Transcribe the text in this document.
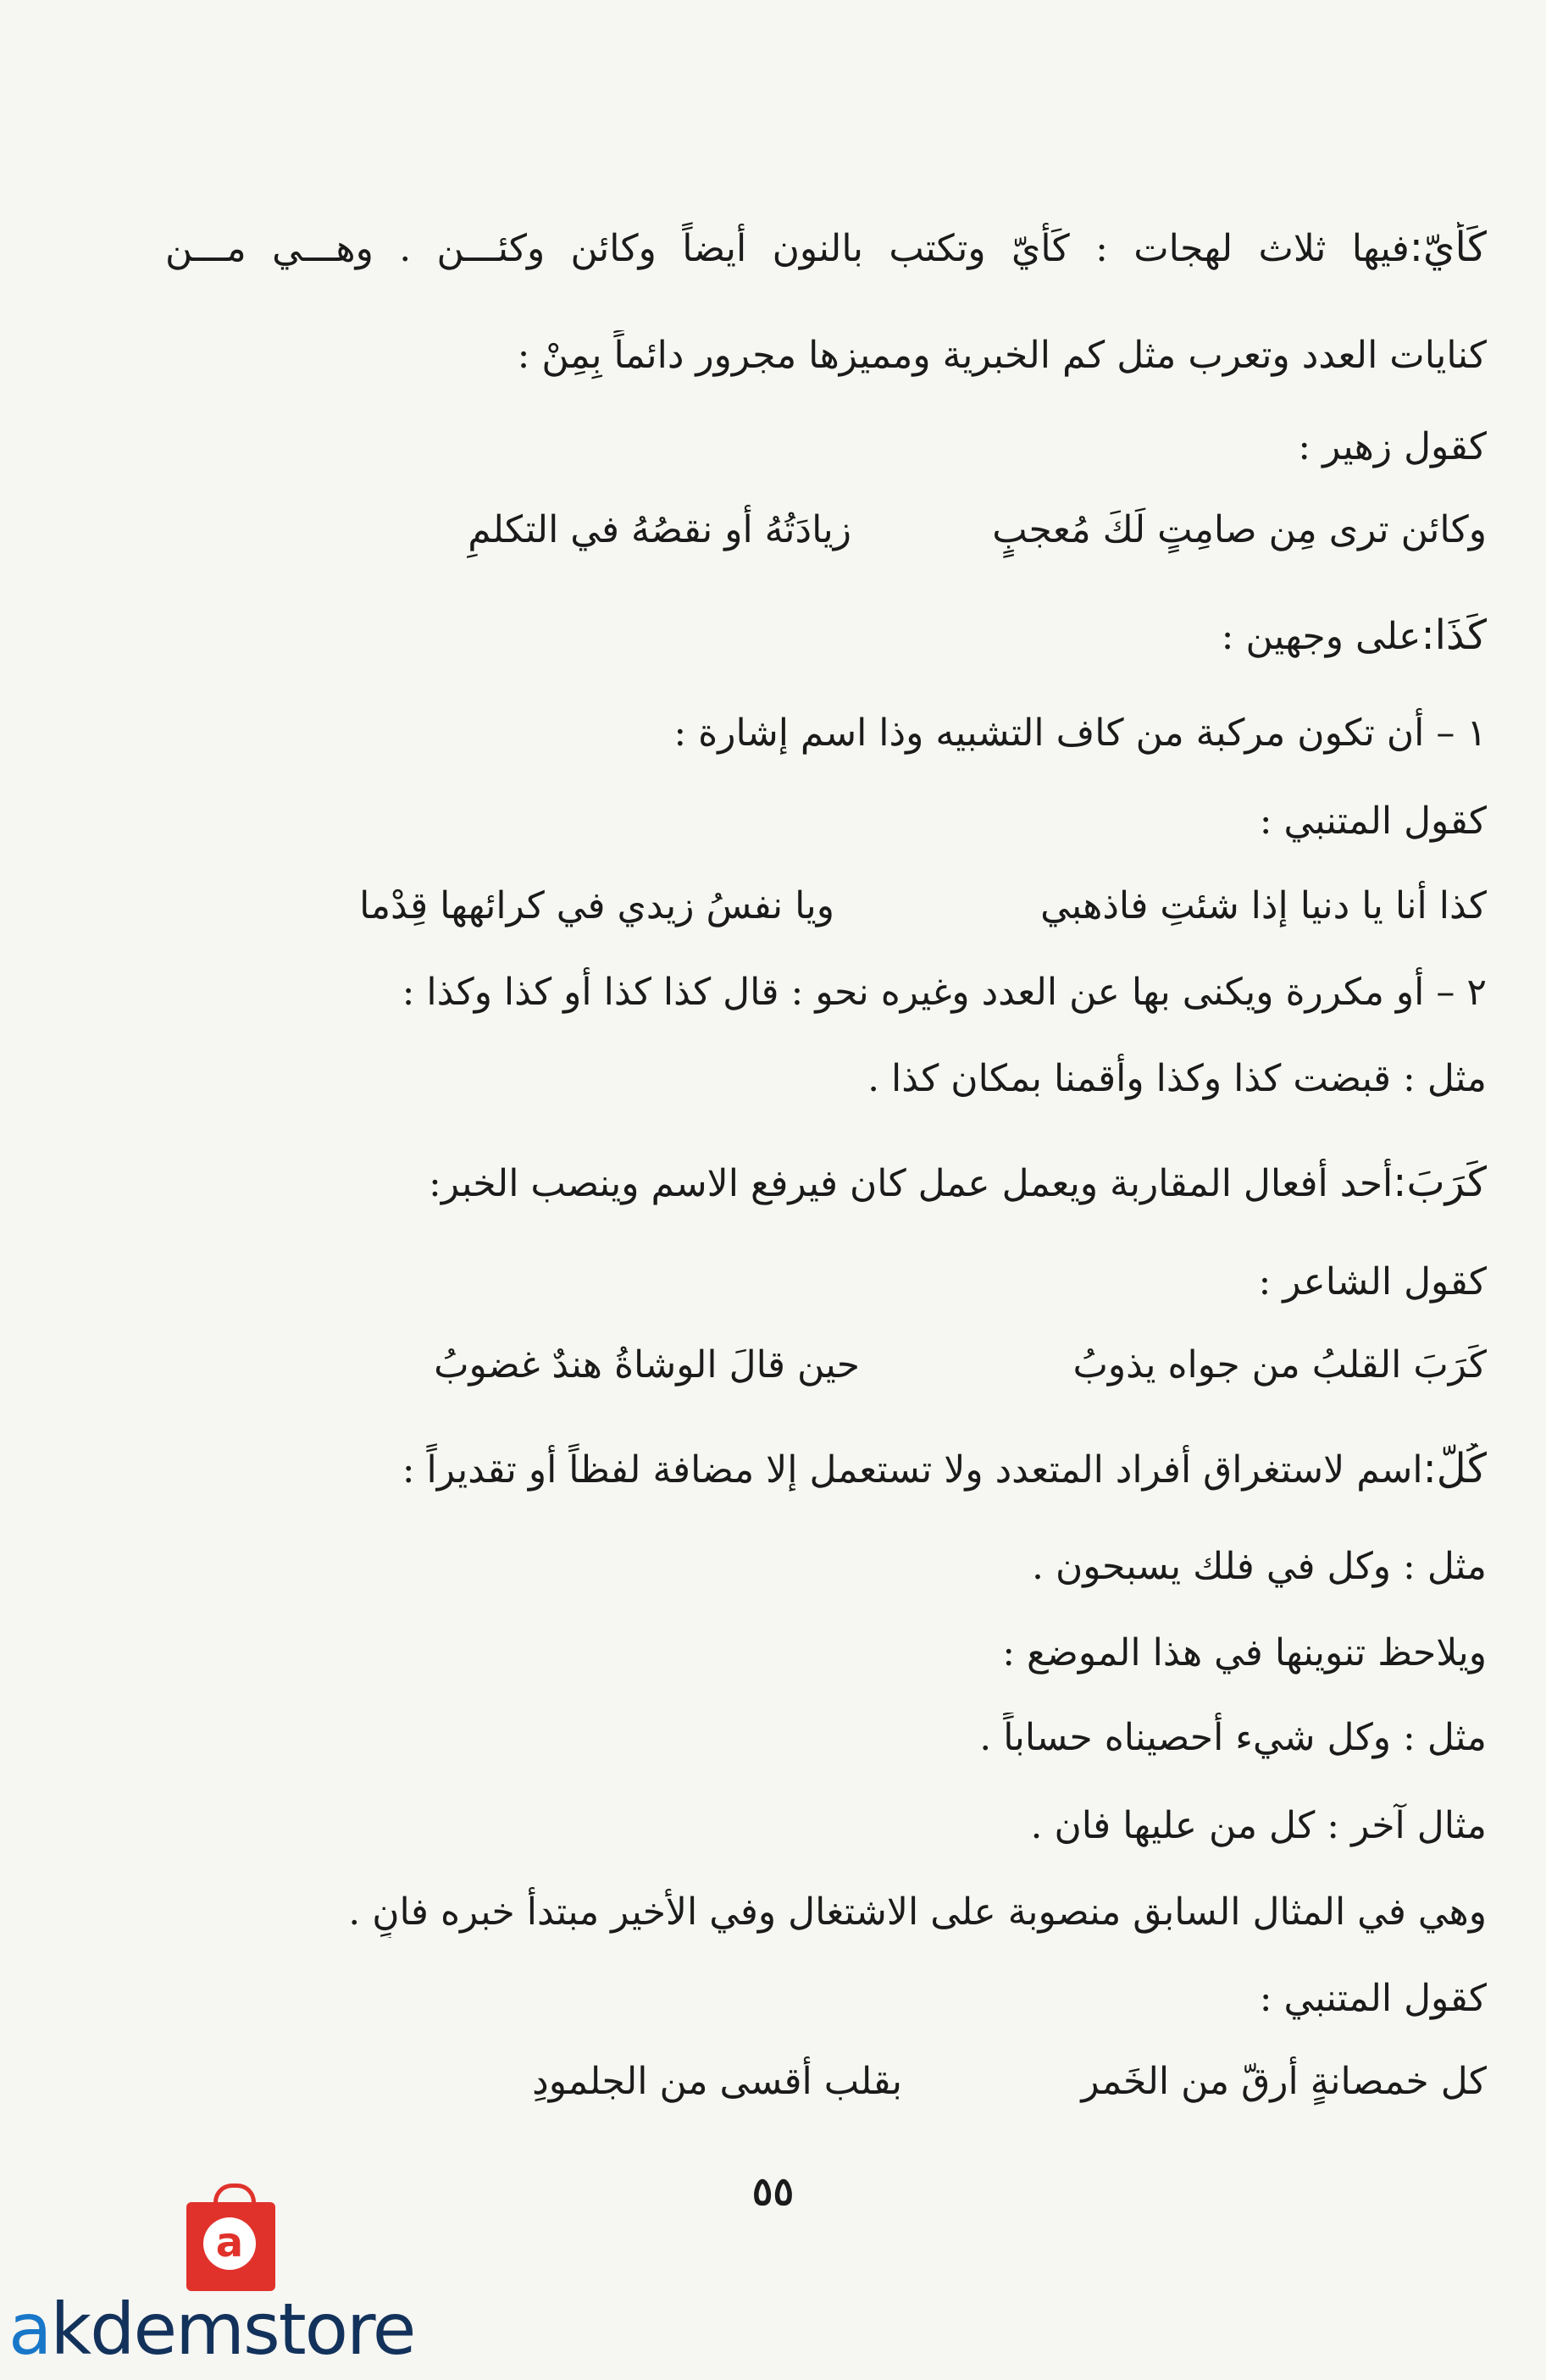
كَأيّ:فيها ثلاث لهجات : كَأيّ وتكتب بالنون أيضاً وكائن وكئـــن . وهـــي مـــن
كنايات العدد وتعرب مثل كم الخبرية ومميزها مجرور دائماً بِمِنْ :
كقول زهير :
وكائن ترى مِن صامِتٍ لَكَ مُعجبٍ
زيادَتُهُ أو نقصُهُ في التكلمِ
كَذَا:على وجهين :
١ – أن تكون مركبة من كاف التشبيه وذا اسم إشارة :
كقول المتنبي :
كذا أنا يا دنيا إذا شئتِ فاذهبي
ويا نفسُ زيدي في كرائهها قِدْما
٢ – أو مكررة ويكنى بها عن العدد وغيره نحو : قال كذا كذا أو كذا وكذا :
مثل : قبضت كذا وكذا وأقمنا بمكان كذا .
كَرَبَ:أحد أفعال المقاربة ويعمل عمل كان فيرفع الاسم وينصب الخبر:
كقول الشاعر :
كَرَبَ القلبُ من جواه يذوبُ
حين قالَ الوشاةُ هندٌ غضوبُ
كُلّ:اسم لاستغراق أفراد المتعدد ولا تستعمل إلا مضافة لفظاً أو تقديراً :
مثل : وكل في فلك يسبحون .
ويلاحظ تنوينها في هذا الموضع :
مثل : وكل شيء أحصيناه حساباً .
مثال آخر : كل من عليها فان .
وهي في المثال السابق منصوبة على الاشتغال وفي الأخير مبتدأ خبره فانٍ .
كقول المتنبي :
كل خمصانةٍ أرقّ من الخَمر
بقلب أقسى من الجلمودِ
٥٥
a
akdemstore
